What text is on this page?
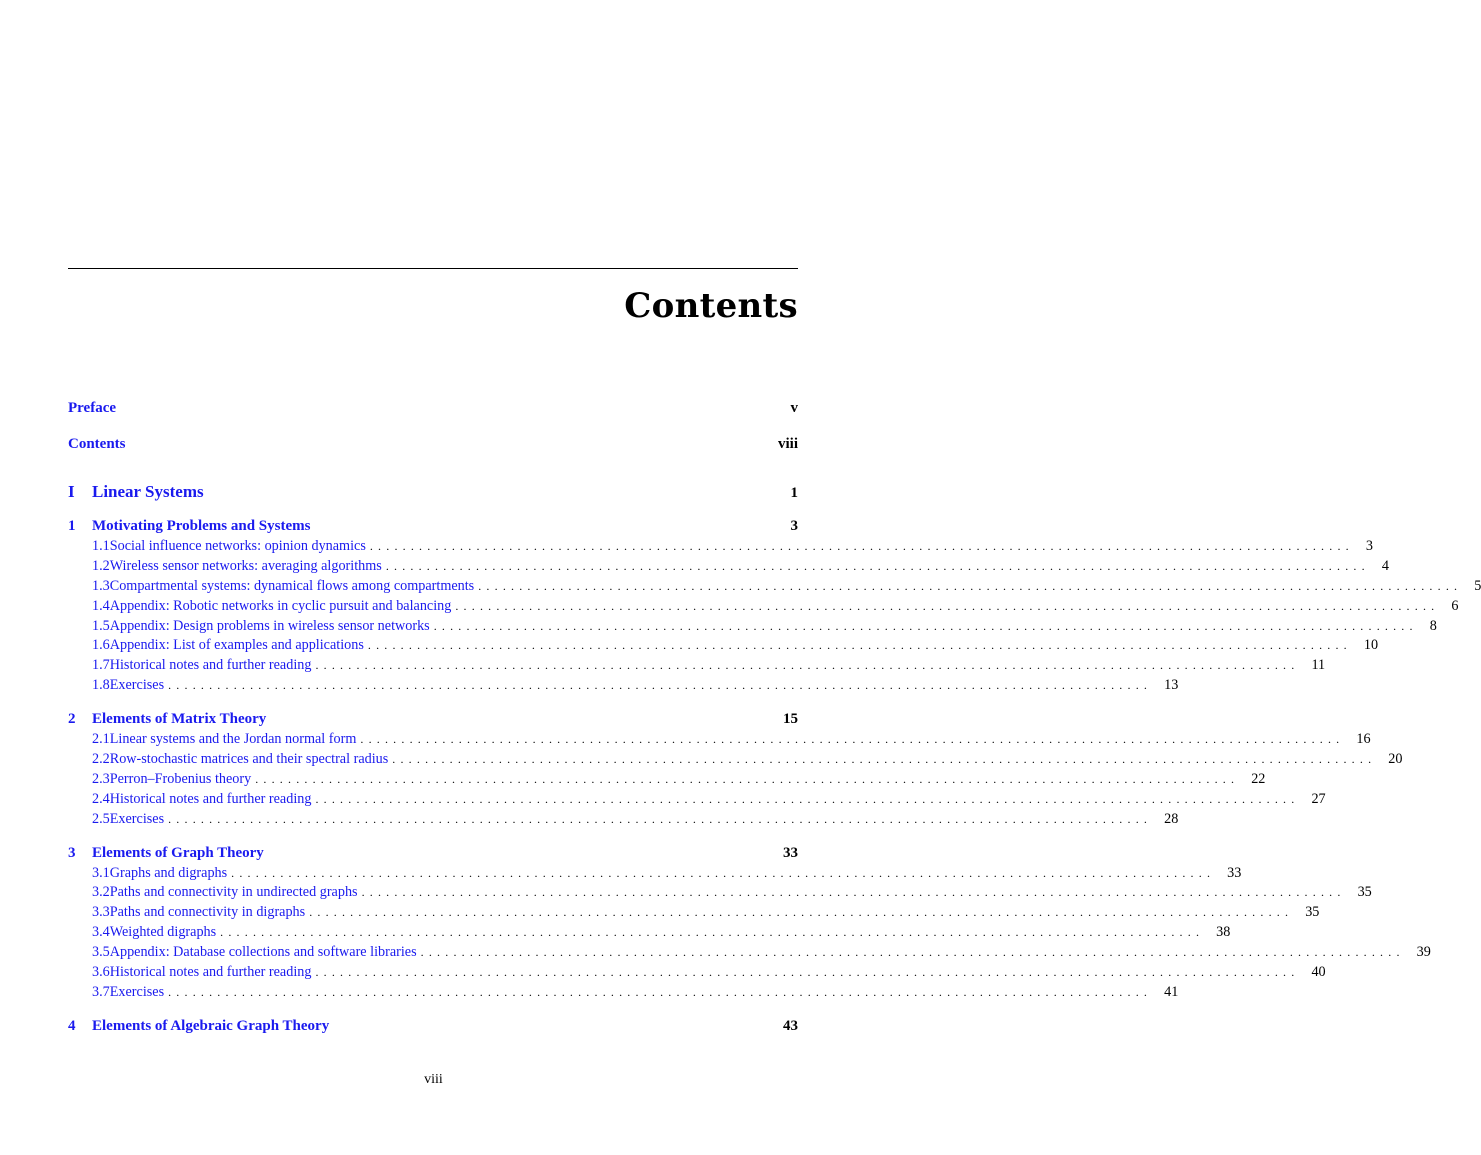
Contents
Preface	v
Contents	viii
I	Linear Systems	1
1	Motivating Problems and Systems	3
1.1 Social influence networks: opinion dynamics ........................................................................................................................ 3
1.2 Wireless sensor networks: averaging algorithms ........................................................................................................................ 4
1.3 Compartmental systems: dynamical flows among compartments ........................................................................................................................ 5
1.4 Appendix: Robotic networks in cyclic pursuit and balancing ........................................................................................................................ 6
1.5 Appendix: Design problems in wireless sensor networks ........................................................................................................................ 8
1.6 Appendix: List of examples and applications ........................................................................................................................ 10
1.7 Historical notes and further reading ........................................................................................................................ 11
1.8 Exercises ........................................................................................................................ 13
2	Elements of Matrix Theory	15
2.1 Linear systems and the Jordan normal form ........................................................................................................................ 16
2.2 Row-stochastic matrices and their spectral radius ........................................................................................................................ 20
2.3 Perron–Frobenius theory ........................................................................................................................ 22
2.4 Historical notes and further reading ........................................................................................................................ 27
2.5 Exercises ........................................................................................................................ 28
3	Elements of Graph Theory	33
3.1 Graphs and digraphs ........................................................................................................................ 33
3.2 Paths and connectivity in undirected graphs ........................................................................................................................ 35
3.3 Paths and connectivity in digraphs ........................................................................................................................ 35
3.4 Weighted digraphs ........................................................................................................................ 38
3.5 Appendix: Database collections and software libraries ........................................................................................................................ 39
3.6 Historical notes and further reading ........................................................................................................................ 40
3.7 Exercises ........................................................................................................................ 41
4	Elements of Algebraic Graph Theory	43
viii
